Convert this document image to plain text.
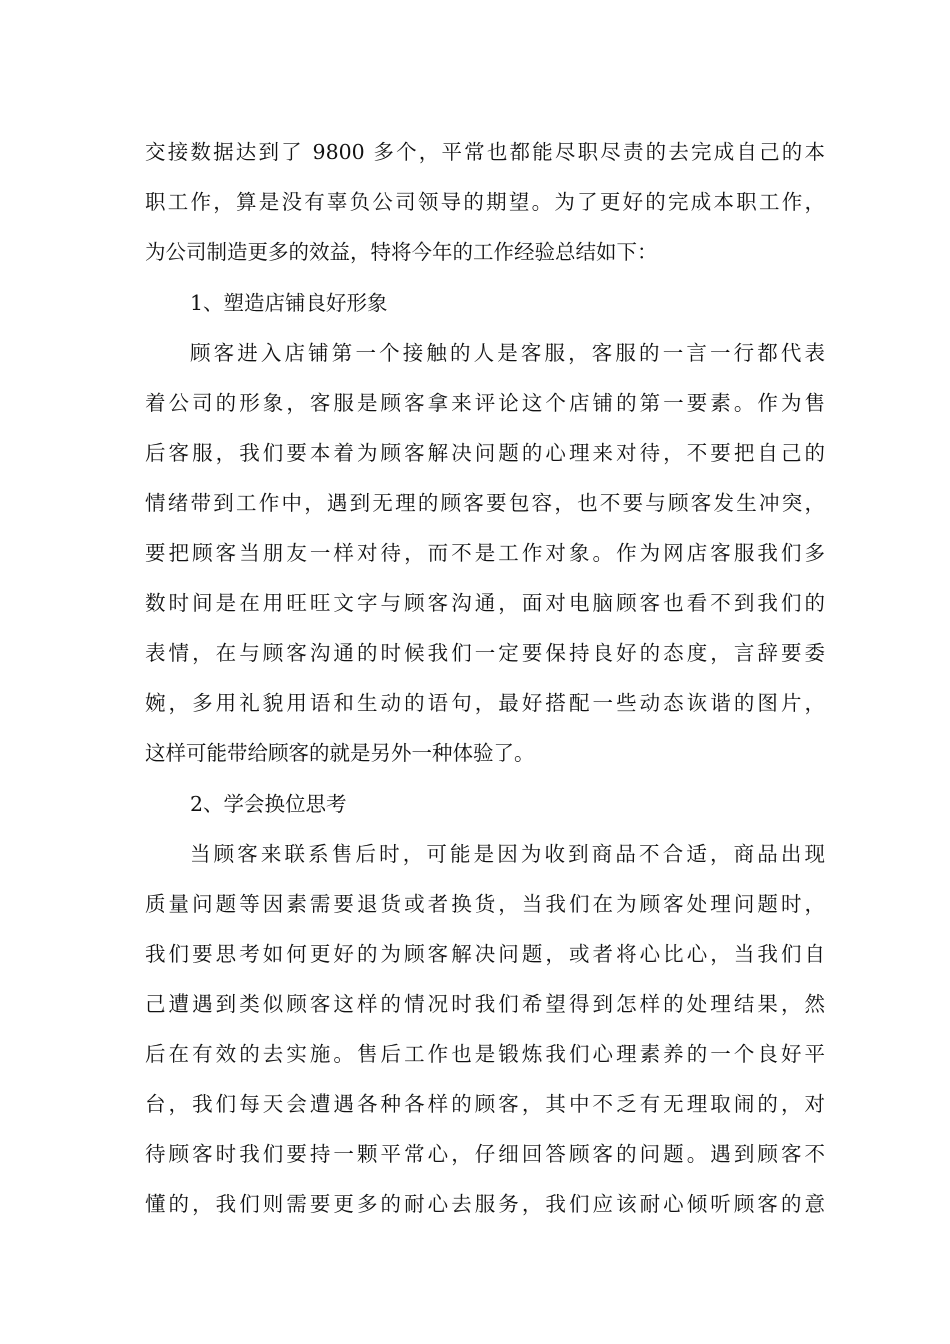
交接数据达到了 9800 多个，平常也都能尽职尽责的去完成自己的本
职工作，算是没有辜负公司领导的期望。为了更好的完成本职工作，
为公司制造更多的效益，特将今年的工作经验总结如下：
1、塑造店铺良好形象
顾客进入店铺第一个接触的人是客服，客服的一言一行都代表
着公司的形象，客服是顾客拿来评论这个店铺的第一要素。作为售
后客服，我们要本着为顾客解决问题的心理来对待，不要把自己的
情绪带到工作中，遇到无理的顾客要包容，也不要与顾客发生冲突，
要把顾客当朋友一样对待，而不是工作对象。作为网店客服我们多
数时间是在用旺旺文字与顾客沟通，面对电脑顾客也看不到我们的
表情，在与顾客沟通的时候我们一定要保持良好的态度，言辞要委
婉，多用礼貌用语和生动的语句，最好搭配一些动态诙谐的图片，
这样可能带给顾客的就是另外一种体验了。
2、学会换位思考
当顾客来联系售后时，可能是因为收到商品不合适，商品出现
质量问题等因素需要退货或者换货，当我们在为顾客处理问题时，
我们要思考如何更好的为顾客解决问题，或者将心比心，当我们自
己遭遇到类似顾客这样的情况时我们希望得到怎样的处理结果，然
后在有效的去实施。售后工作也是锻炼我们心理素养的一个良好平
台，我们每天会遭遇各种各样的顾客，其中不乏有无理取闹的，对
待顾客时我们要持一颗平常心，仔细回答顾客的问题。遇到顾客不
懂的，我们则需要更多的耐心去服务，我们应该耐心倾听顾客的意
